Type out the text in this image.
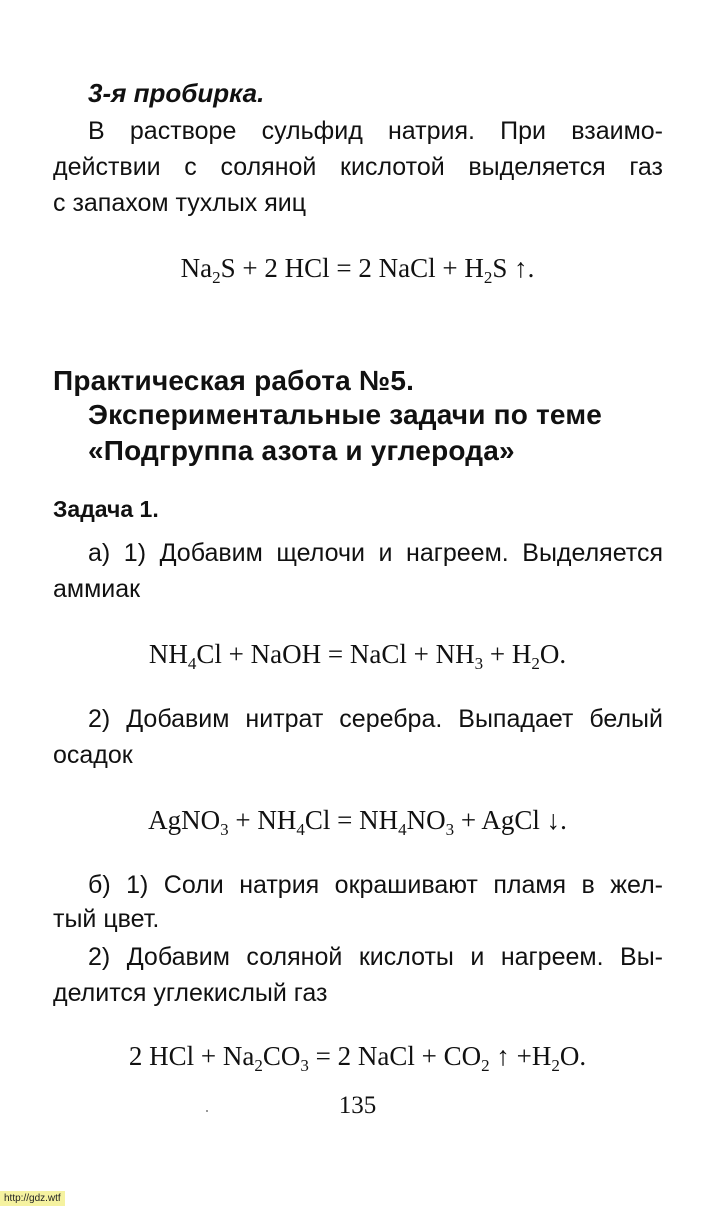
3-я пробирка.
В растворе сульфид натрия. При взаимо-
действии с соляной кислотой выделяется газ
с запахом тухлых яиц
$Na_2S + 2$ HCl = 2 NaCl + $H_2S$ ↑.
Практическая работа №5.
Экспериментальные задачи по теме
«Подгруппа азота и углерода»
Задача 1.
а) 1) Добавим щелочи и нагреем. Выделяется
аммиак
$NH_4Cl$ + NaOH = NaCl + $NH_3 + H_2O$.
2) Добавим нитрат серебра. Выпадает белый
осадок
AgNO$_3$ + $NH_4Cl = NH_4NO_3$ + AgCl ↓.
б) 1) Соли натрия окрашивают пламя в жел-
тый цвет.
2) Добавим соляной кислоты и нагреем. Вы-
делится углекислый газ
2 HCl + $Na_2CO_3 = 2$ NaCl + $CO_2$ ↑ $+H_2O$.
135
http://gdz.wtf
